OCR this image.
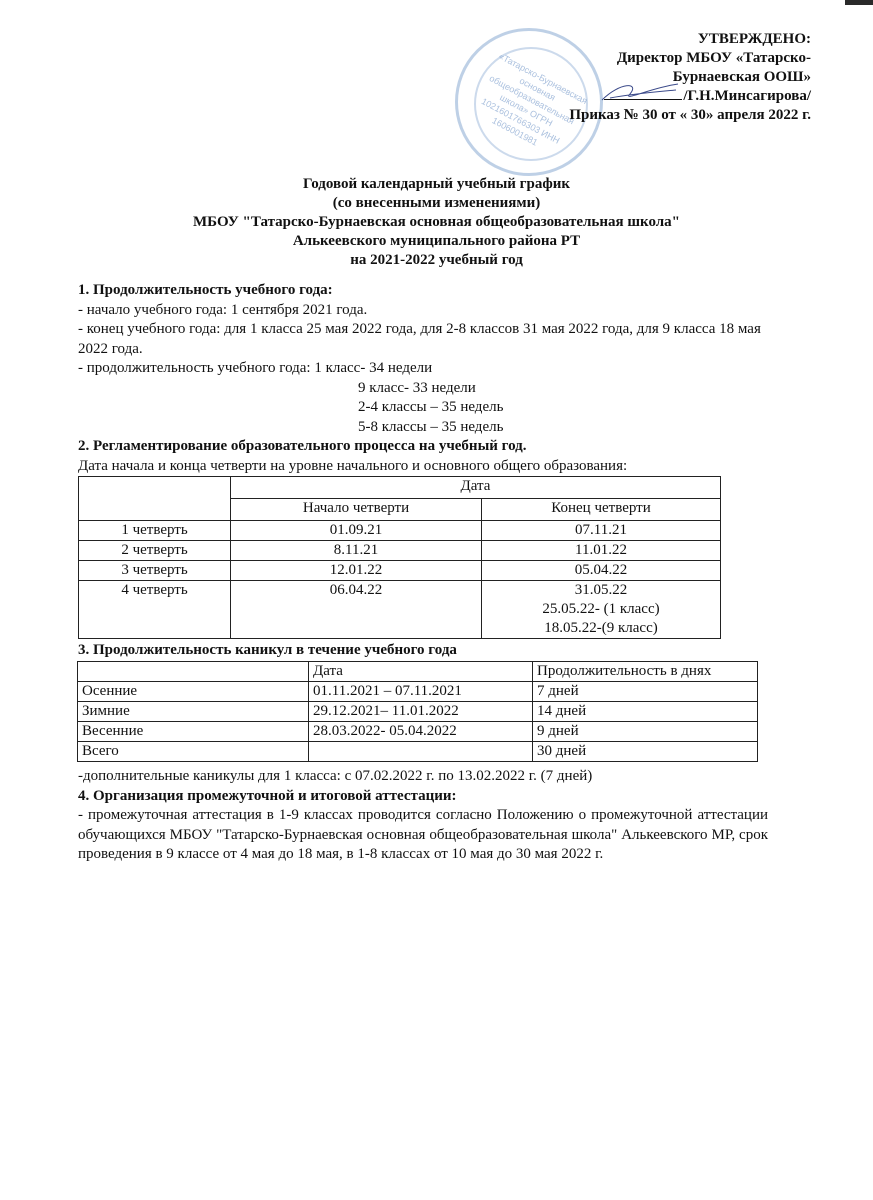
«Татарско-Бурнаевская основная общеобразовательная школа» ОГРН 1021601766303 ИНН 1606001981
УТВЕРЖДЕНО:
Директор МБОУ «Татарско-
Бурнаевская ООШ»
/Г.Н.Минсагирова/
Приказ № 30 от « 30» апреля 2022 г.
Годовой календарный учебный график
(со внесенными изменениями)
МБОУ "Татарско-Бурнаевская основная общеобразовательная школа"
Алькеевского муниципального района РТ
на 2021-2022 учебный год
1. Продолжительность учебного года:
- начало учебного года: 1 сентября 2021 года.
- конец учебного года: для 1 класса 25 мая 2022 года, для 2-8 классов 31 мая 2022 года, для 9 класса 18 мая 2022 года.
- продолжительность учебного года: 1 класс- 34 недели
9 класс- 33 недели
2-4 классы – 35 недель
5-8 классы – 35 недель
2. Регламентирование образовательного процесса на учебный год.
Дата начала и конца четверти на уровне начального и основного общего образования:
	Дата	
	Начало четверти	Конец четверти
1 четверть	01.09.21	07.11.21
2 четверть	8.11.21	11.01.22
3 четверть	12.01.22	05.04.22
4 четверть	06.04.22	31.05.22
25.05.22- (1 класс)
18.05.22-(9 класс)
3. Продолжительность каникул в течение учебного года
	Дата	Продолжительность в днях
Осенние	01.11.2021 – 07.11.2021	7 дней
Зимние	29.12.2021– 11.01.2022	14 дней
Весенние	28.03.2022- 05.04.2022	9 дней
Всего		30 дней
-дополнительные каникулы для 1 класса: с 07.02.2022 г. по 13.02.2022 г. (7 дней)
4. Организация промежуточной и итоговой аттестации:
- промежуточная аттестация в 1-9 классах проводится согласно Положению о промежуточной аттестации обучающихся МБОУ "Татарско-Бурнаевская основная общеобразовательная школа" Алькеевского МР, срок проведения в 9 классе от 4 мая до 18 мая, в 1-8 классах от 10 мая до 30 мая 2022 г.
